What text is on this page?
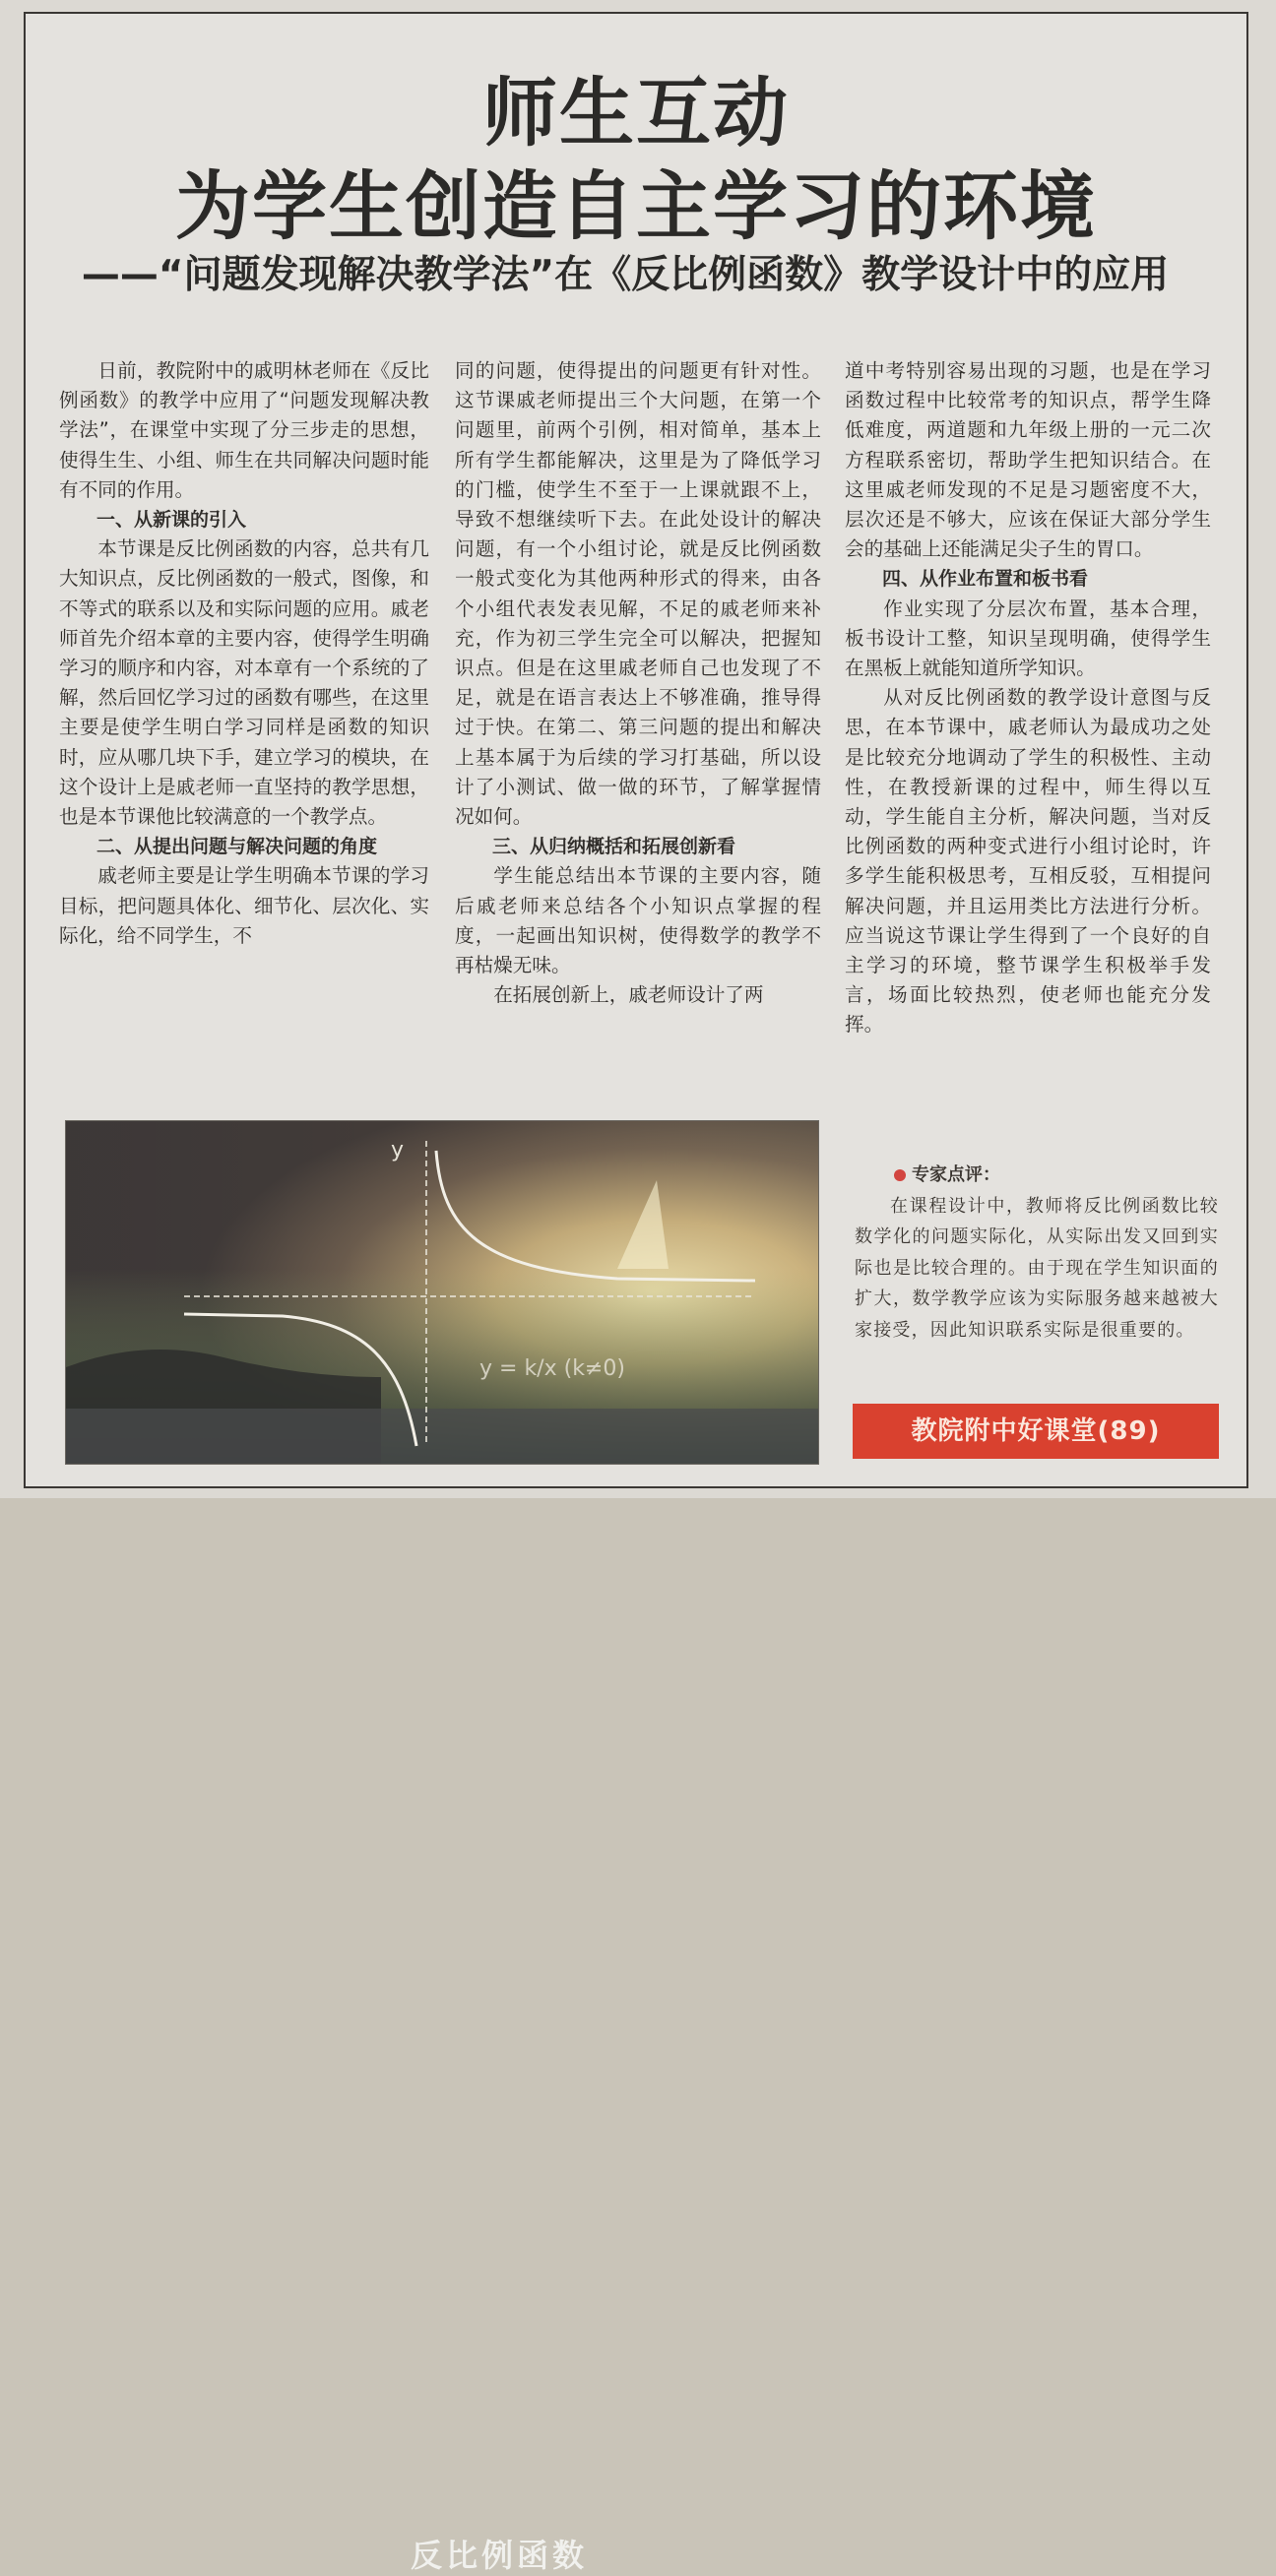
师生互动
为学生创造自主学习的环境
——“问题发现解决教学法”在《反比例函数》教学设计中的应用

日前，教院附中的戚明林老师在《反比例函数》的教学中应用了“问题发现解决教学法”，在课堂中实现了分三步走的思想，使得生生、小组、师生在共同解决问题时能有不同的作用。

一、从新课的引入

本节课是反比例函数的内容，总共有几大知识点，反比例函数的一般式，图像，和不等式的联系以及和实际问题的应用。戚老师首先介绍本章的主要内容，使得学生明确学习的顺序和内容，对本章有一个系统的了解，然后回忆学习过的函数有哪些，在这里主要是使学生明白学习同样是函数的知识时，应从哪几块下手，建立学习的模块，在这个设计上是戚老师一直坚持的教学思想，也是本节课他比较满意的一个教学点。

二、从提出问题与解决问题的角度

戚老师主要是让学生明确本节课的学习目标，把问题具体化、细节化、层次化、实际化，给不同学生，不

同的问题，使得提出的问题更有针对性。这节课戚老师提出三个大问题，在第一个问题里，前两个引例，相对简单，基本上所有学生都能解决，这里是为了降低学习的门槛，使学生不至于一上课就跟不上，导致不想继续听下去。在此处设计的解决问题，有一个小组讨论，就是反比例函数一般式变化为其他两种形式的得来，由各个小组代表发表见解，不足的戚老师来补充，作为初三学生完全可以解决，把握知识点。但是在这里戚老师自己也发现了不足，就是在语言表达上不够准确，推导得过于快。在第二、第三问题的提出和解决上基本属于为后续的学习打基础，所以设计了小测试、做一做的环节，了解掌握情况如何。

三、从归纳概括和拓展创新看

学生能总结出本节课的主要内容，随后戚老师来总结各个小知识点掌握的程度，一起画出知识树，使得数学的教学不再枯燥无味。

在拓展创新上，戚老师设计了两

道中考特别容易出现的习题，也是在学习函数过程中比较常考的知识点，帮学生降低难度，两道题和九年级上册的一元二次方程联系密切，帮助学生把知识结合。在这里戚老师发现的不足是习题密度不大，层次还是不够大，应该在保证大部分学生会的基础上还能满足尖子生的胃口。

四、从作业布置和板书看

作业实现了分层次布置，基本合理，板书设计工整，知识呈现明确，使得学生在黑板上就能知道所学知识。

从对反比例函数的教学设计意图与反思，在本节课中，戚老师认为最成功之处是比较充分地调动了学生的积极性、主动性，在教授新课的过程中，师生得以互动，学生能自主分析，解决问题，当对反比例函数的两种变式进行小组讨论时，许多学生能积极思考，互相反驳，互相提问解决问题，并且运用类比方法进行分析。应当说这节课让学生得到了一个良好的自主学习的环境，整节课学生积极举手发言，场面比较热烈，使老师也能充分发挥。

y
y = k/x (k≠0)
反比例函数
专家点评：

在课程设计中，教师将反比例函数比较数学化的问题实际化，从实际出发又回到实际也是比较合理的。由于现在学生知识面的扩大，数学教学应该为实际服务越来越被大家接受，因此知识联系实际是很重要的。

教院附中好课堂(89)
